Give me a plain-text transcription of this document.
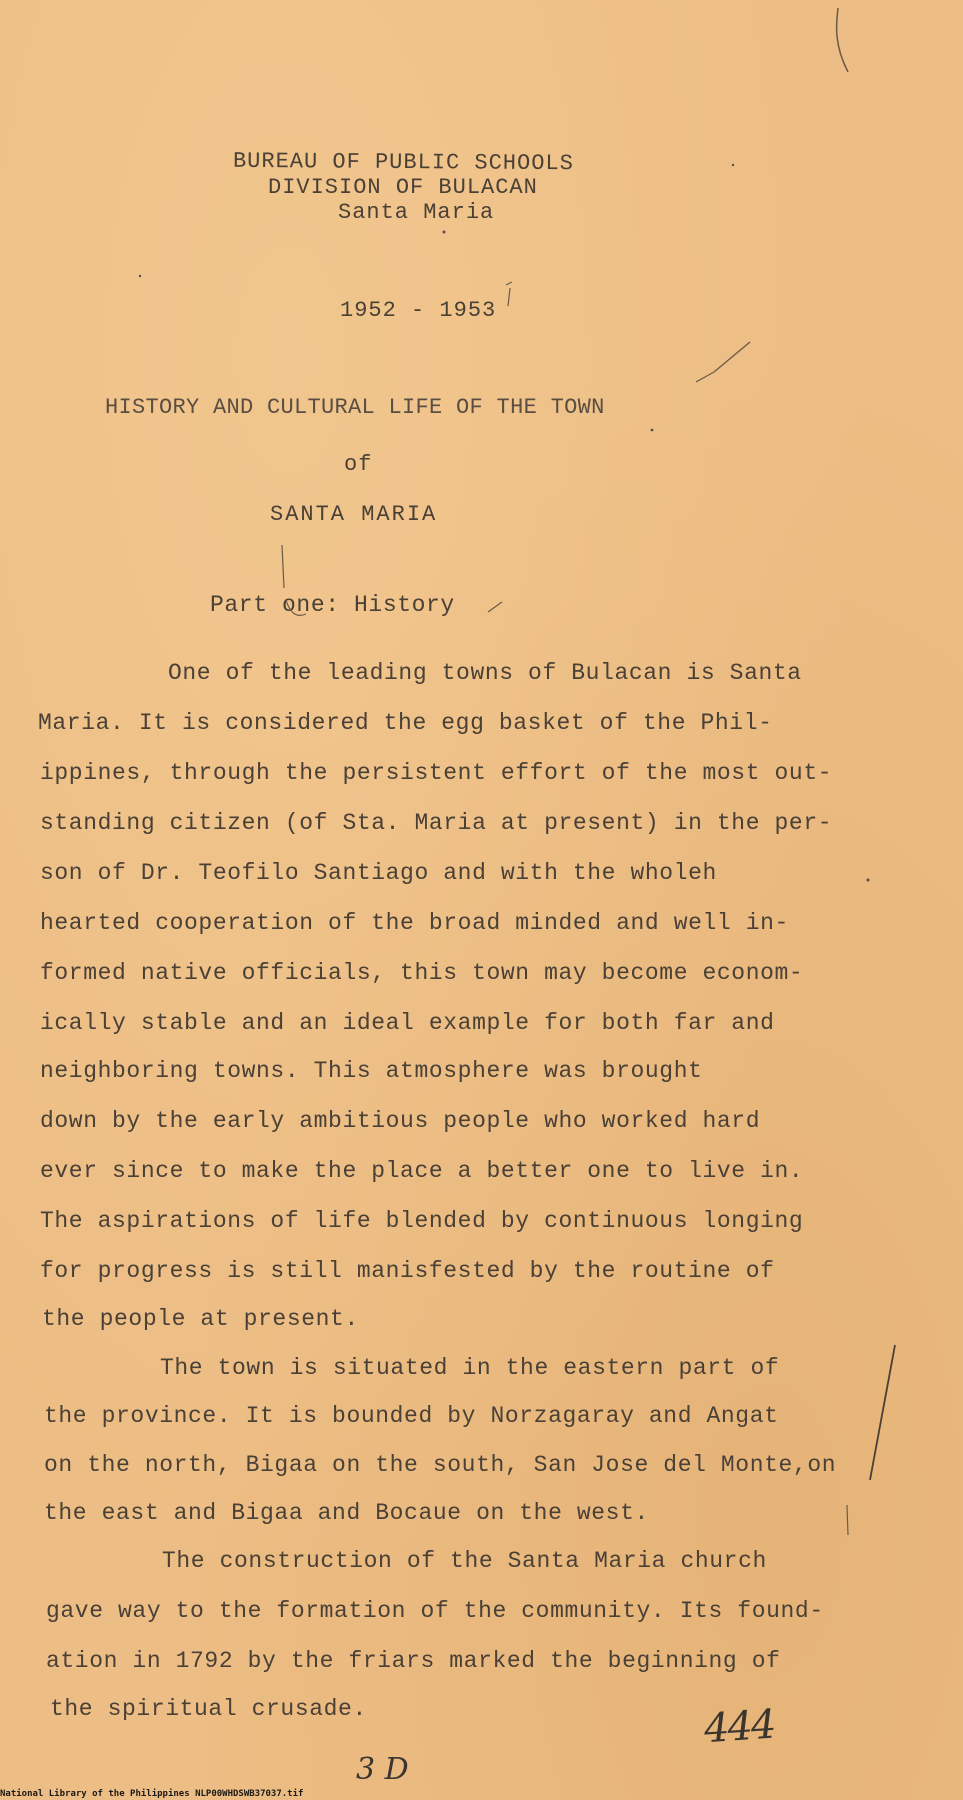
BUREAU OF PUBLIC SCHOOLS
DIVISION OF BULACAN
Santa Maria
1952 - 1953
HISTORY AND CULTURAL LIFE OF THE TOWN
of
SANTA MARIA
Part one: History
One of the leading towns of Bulacan is Santa
Maria. It is considered the egg basket of the Phil-
ippines, through the persistent effort of the most out-
standing citizen (of Sta. Maria at present) in the per-
son of Dr. Teofilo Santiago and with the wholeh
hearted cooperation of the broad minded and well in-
formed native officials, this town may become econom-
ically stable and an ideal example for both far and
neighboring towns. This atmosphere was brought
down by the early ambitious people who worked hard
ever since to make the place a better one to live in.
The aspirations of life blended by continuous longing
for progress is still manisfested by the routine of
the people at present.
The town is situated in the eastern part of
the province. It is bounded by Norzagaray and Angat
on the north, Bigaa on the south, San Jose del Monte,on
the east and Bigaa and Bocaue on the west.
The construction of the Santa Maria church
gave way to the formation of the community. Its found-
ation in 1792 by the friars marked the beginning of
the spiritual crusade.	444
3 D
National Library of the Philippines NLP00WHDSWB37037.tif
